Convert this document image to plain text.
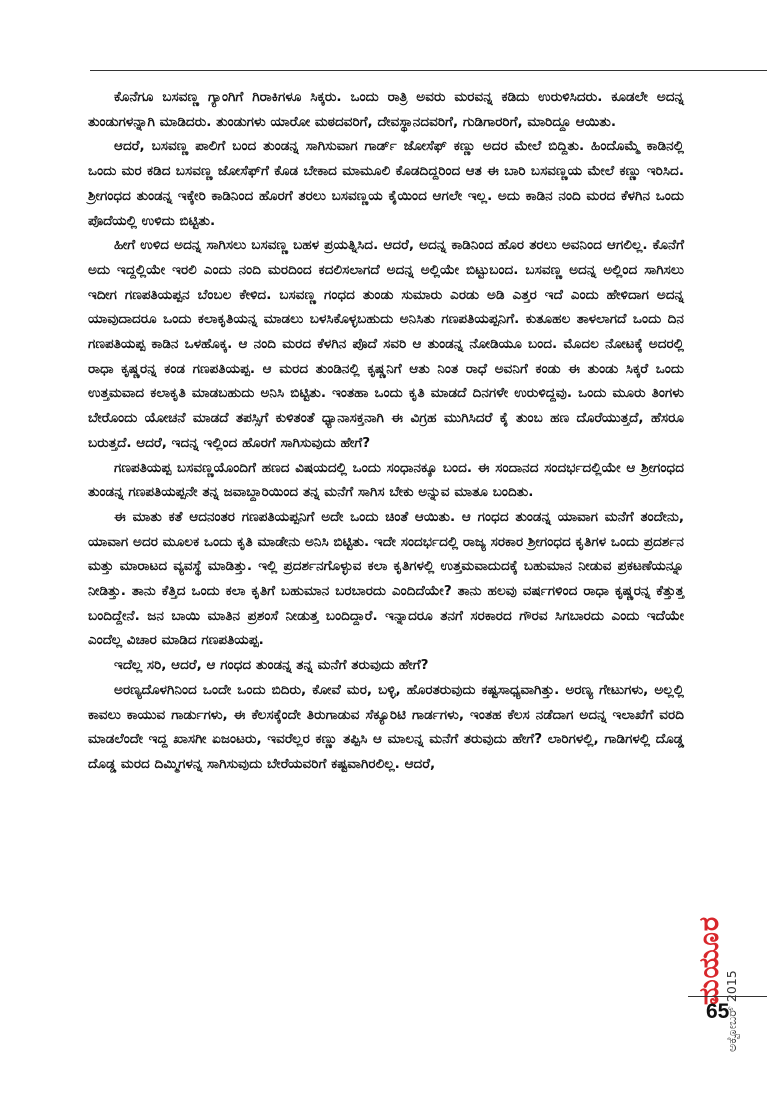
ಕೊನೆಗೂ ಬಸವಣ್ಣ ಗ್ಯಾಂಗಿಗೆ ಗಿರಾಕಿಗಳೂ ಸಿಕ್ಕರು. ಒಂದು ರಾತ್ರಿ ಅವರು ಮರವನ್ನ ಕಡಿದು ಉರುಳಿಸಿದರು. ಕೂಡಲೇ ಅದನ್ನ ತುಂಡುಗಳನ್ನಾಗಿ ಮಾಡಿದರು. ತುಂಡುಗಳು ಯಾರೋ ಮಠದವರಿಗೆ, ದೇವಸ್ಥಾನದವರಿಗೆ, ಗುಡಿಗಾರರಿಗೆ, ಮಾರಿದ್ದೂ ಆಯಿತು.

ಆದರೆ, ಬಸವಣ್ಣ ಪಾಲಿಗೆ ಬಂದ ತುಂಡನ್ನ ಸಾಗಿಸುವಾಗ ಗಾರ್ಡ್ ಜೋಸೆಫ್ ಕಣ್ಣು ಅದರ ಮೇಲೆ ಬಿದ್ದಿತು. ಹಿಂದೊಮ್ಮೆ ಕಾಡಿನಲ್ಲಿ ಒಂದು ಮರ ಕಡಿದ ಬಸವಣ್ಣ ಜೋಸೆಫ್‌ಗೆ ಕೊಡ ಬೇಕಾದ ಮಾಮೂಲಿ ಕೊಡದಿದ್ದರಿಂದ ಆತ ಈ ಬಾರಿ ಬಸವಣ್ಣಯ ಮೇಲೆ ಕಣ್ಣು ಇರಿಸಿದ. ಶ್ರೀಗಂಧದ ತುಂಡನ್ನ ಇಕ್ಕೇರಿ ಕಾಡಿನಿಂದ ಹೊರಗೆ ತರಲು ಬಸವಣ್ಣಯ ಕೈಯಿಂದ ಆಗಲೇ ಇಲ್ಲ. ಅದು ಕಾಡಿನ ನಂದಿ ಮರದ ಕೆಳಗಿನ ಒಂದು ಪೊದೆಯಲ್ಲಿ ಉಳಿದು ಬಿಟ್ಟಿತು.

ಹೀಗೆ ಉಳಿದ ಅದನ್ನ ಸಾಗಿಸಲು ಬಸವಣ್ಣ ಬಹಳ ಪ್ರಯತ್ನಿಸಿದ. ಆದರೆ, ಅದನ್ನ ಕಾಡಿನಿಂದ ಹೊರ ತರಲು ಅವನಿಂದ ಆಗಲಿಲ್ಲ. ಕೊನೆಗೆ ಅದು ಇದ್ದಲ್ಲಿಯೇ ಇರಲಿ ಎಂದು ನಂದಿ ಮರದಿಂದ ಕದಲಿಸಲಾಗದೆ ಅದನ್ನ ಅಲ್ಲಿಯೇ ಬಿಟ್ಟುಬಂದ. ಬಸವಣ್ಣ ಅದನ್ನ ಅಲ್ಲಿಂದ ಸಾಗಿಸಲು ಇದೀಗ ಗಣಪತಿಯಪ್ಪನ ಬೆಂಬಲ ಕೇಳಿದ. ಬಸವಣ್ಣ ಗಂಧದ ತುಂಡು ಸುಮಾರು ಎರಡು ಅಡಿ ಎತ್ತರ ಇದೆ ಎಂದು ಹೇಳಿದಾಗ ಅದನ್ನ ಯಾವುದಾದರೂ ಒಂದು ಕಲಾಕೃತಿಯನ್ನ ಮಾಡಲು ಬಳಸಿಕೊಳ್ಳಬಹುದು ಅನಿಸಿತು ಗಣಪತಿಯಪ್ಪನಿಗೆ. ಕುತೂಹಲ ತಾಳಲಾಗದೆ ಒಂದು ದಿನ ಗಣಪತಿಯಪ್ಪ ಕಾಡಿನ ಒಳಹೊಕ್ಕ. ಆ ನಂದಿ ಮರದ ಕೆಳಗಿನ ಪೊದೆ ಸವರಿ ಆ ತುಂಡನ್ನ ನೋಡಿಯೂ ಬಂದ. ಮೊದಲ ನೋಟಕ್ಕೆ ಅದರಲ್ಲಿ ರಾಧಾ ಕೃಷ್ಣರನ್ನ ಕಂಡ ಗಣಪತಿಯಪ್ಪ. ಆ ಮರದ ತುಂಡಿನಲ್ಲಿ ಕೃಷ್ಣನಿಗೆ ಆತು ನಿಂತ ರಾಧೆ ಅವನಿಗೆ ಕಂಡು ಈ ತುಂಡು ಸಿಕ್ಕರೆ ಒಂದು ಉತ್ತಮವಾದ ಕಲಾಕೃತಿ ಮಾಡಬಹುದು ಅನಿಸಿ ಬಿಟ್ಟಿತು. ಇಂತಹಾ ಒಂದು ಕೃತಿ ಮಾಡದೆ ದಿನಗಳೇ ಉರುಳಿದ್ದವು. ಒಂದು ಮೂರು ತಿಂಗಳು ಬೇರೊಂದು ಯೋಚನೆ ಮಾಡದೆ ತಪಸ್ಸಿಗೆ ಕುಳಿತಂತೆ ಧ್ಯಾನಾಸಕ್ತನಾಗಿ ಈ ವಿಗ್ರಹ ಮುಗಿಸಿದರೆ ಕೈ ತುಂಬ ಹಣ ದೊರೆಯುತ್ತದೆ, ಹೆಸರೂ ಬರುತ್ತದೆ. ಆದರೆ, ಇದನ್ನ ಇಲ್ಲಿಂದ ಹೊರಗೆ ಸಾಗಿಸುವುದು ಹೇಗೆ?

ಗಣಪತಿಯಪ್ಪ ಬಸವಣ್ಣಯೊಂದಿಗೆ ಹಣದ ವಿಷಯದಲ್ಲಿ ಒಂದು ಸಂಧಾನಕ್ಕೂ ಬಂದ. ಈ ಸಂದಾನದ ಸಂದರ್ಭದಲ್ಲಿಯೇ ಆ ಶ್ರೀಗಂಧದ ತುಂಡನ್ನ ಗಣಪತಿಯಪ್ಪನೇ ತನ್ನ ಜವಾಬ್ದಾರಿಯಿಂದ ತನ್ನ ಮನೆಗೆ ಸಾಗಿಸ ಬೇಕು ಅನ್ನುವ ಮಾತೂ ಬಂದಿತು.

ಈ ಮಾತು ಕತೆ ಆದನಂತರ ಗಣಪತಿಯಪ್ಪನಿಗೆ ಅದೇ ಒಂದು ಚಿಂತೆ ಆಯಿತು. ಆ ಗಂಧದ ತುಂಡನ್ನ ಯಾವಾಗ ಮನೆಗೆ ತಂದೇನು, ಯಾವಾಗ ಅದರ ಮೂಲಕ ಒಂದು ಕೃತಿ ಮಾಡೇನು ಅನಿಸಿ ಬಿಟ್ಟಿತು. ಇದೇ ಸಂದರ್ಭದಲ್ಲಿ ರಾಜ್ಯ ಸರಕಾರ ಶ್ರೀಗಂಧದ ಕೃತಿಗಳ ಒಂದು ಪ್ರದರ್ಶನ ಮತ್ತು ಮಾರಾಟದ ವ್ಯವಸ್ಥೆ ಮಾಡಿತ್ತು. ಇಲ್ಲಿ ಪ್ರದರ್ಶನಗೊಳ್ಳುವ ಕಲಾ ಕೃತಿಗಳಲ್ಲಿ ಉತ್ತಮವಾದುದಕ್ಕೆ ಬಹುಮಾನ ನೀಡುವ ಪ್ರಕಟಣೆಯನ್ನೂ ನೀಡಿತ್ತು. ತಾನು ಕೆತ್ತಿದ ಒಂದು ಕಲಾ ಕೃತಿಗೆ ಬಹುಮಾನ ಬರಬಾರದು ಎಂದಿದೆಯೇ? ತಾನು ಹಲವು ವರ್ಷಗಳಿಂದ ರಾಧಾ ಕೃಷ್ಣರನ್ನ ಕೆತ್ತುತ್ತ ಬಂದಿದ್ದೇನೆ. ಜನ ಬಾಯಿ ಮಾತಿನ ಪ್ರಶಂಸೆ ನೀಡುತ್ತ ಬಂದಿದ್ದಾರೆ. ಇನ್ನಾದರೂ ತನಗೆ ಸರಕಾರದ ಗೌರವ ಸಿಗಬಾರದು ಎಂದು ಇದೆಯೇ ಎಂದೆಲ್ಲ ವಿಚಾರ ಮಾಡಿದ ಗಣಪತಿಯಪ್ಪ.

ಇದೆಲ್ಲ ಸರಿ, ಆದರೆ, ಆ ಗಂಧದ ತುಂಡನ್ನ ತನ್ನ ಮನೆಗೆ ತರುವುದು ಹೇಗೆ?

ಅರಣ್ಯದೊಳಗಿನಿಂದ ಒಂದೇ ಒಂದು ಬಿದಿರು, ಕೋವೆ ಮರ, ಬಳ್ಳಿ, ಹೊರತರುವುದು ಕಷ್ಟಸಾಧ್ಯವಾಗಿತ್ತು. ಅರಣ್ಯ ಗೇಟುಗಳು, ಅಲ್ಲಲ್ಲಿ ಕಾವಲು ಕಾಯುವ ಗಾರ್ಡುಗಳು, ಈ ಕೆಲಸಕ್ಕೆಂದೇ ತಿರುಗಾಡುವ ಸೆಕ್ಯೂರಿಟಿ ಗಾರ್ಡಗಳು, ಇಂತಹ ಕೆಲಸ ನಡೆದಾಗ ಅದನ್ನ ಇಲಾಖೆಗೆ ವರದಿ ಮಾಡಲೆಂದೇ ಇದ್ದ ಖಾಸಗೀ ಏಜಂಟರು, ಇವರೆಲ್ಲರ ಕಣ್ಣು ತಪ್ಪಿಸಿ ಆ ಮಾಲನ್ನ ಮನೆಗೆ ತರುವುದು ಹೇಗೆ? ಲಾರಿಗಳಲ್ಲಿ, ಗಾಡಿಗಳಲ್ಲಿ ದೊಡ್ಡ ದೊಡ್ಡ ಮರದ ದಿಮ್ಮಿಗಳನ್ನ ಸಾಗಿಸುವುದು ಬೇರೆಯವರಿಗೆ ಕಷ್ಟವಾಗಿರಲಿಲ್ಲ. ಆದರೆ,

ಮಯೂರ
ಅಕ್ಟೋಬರ್ 2015
65
